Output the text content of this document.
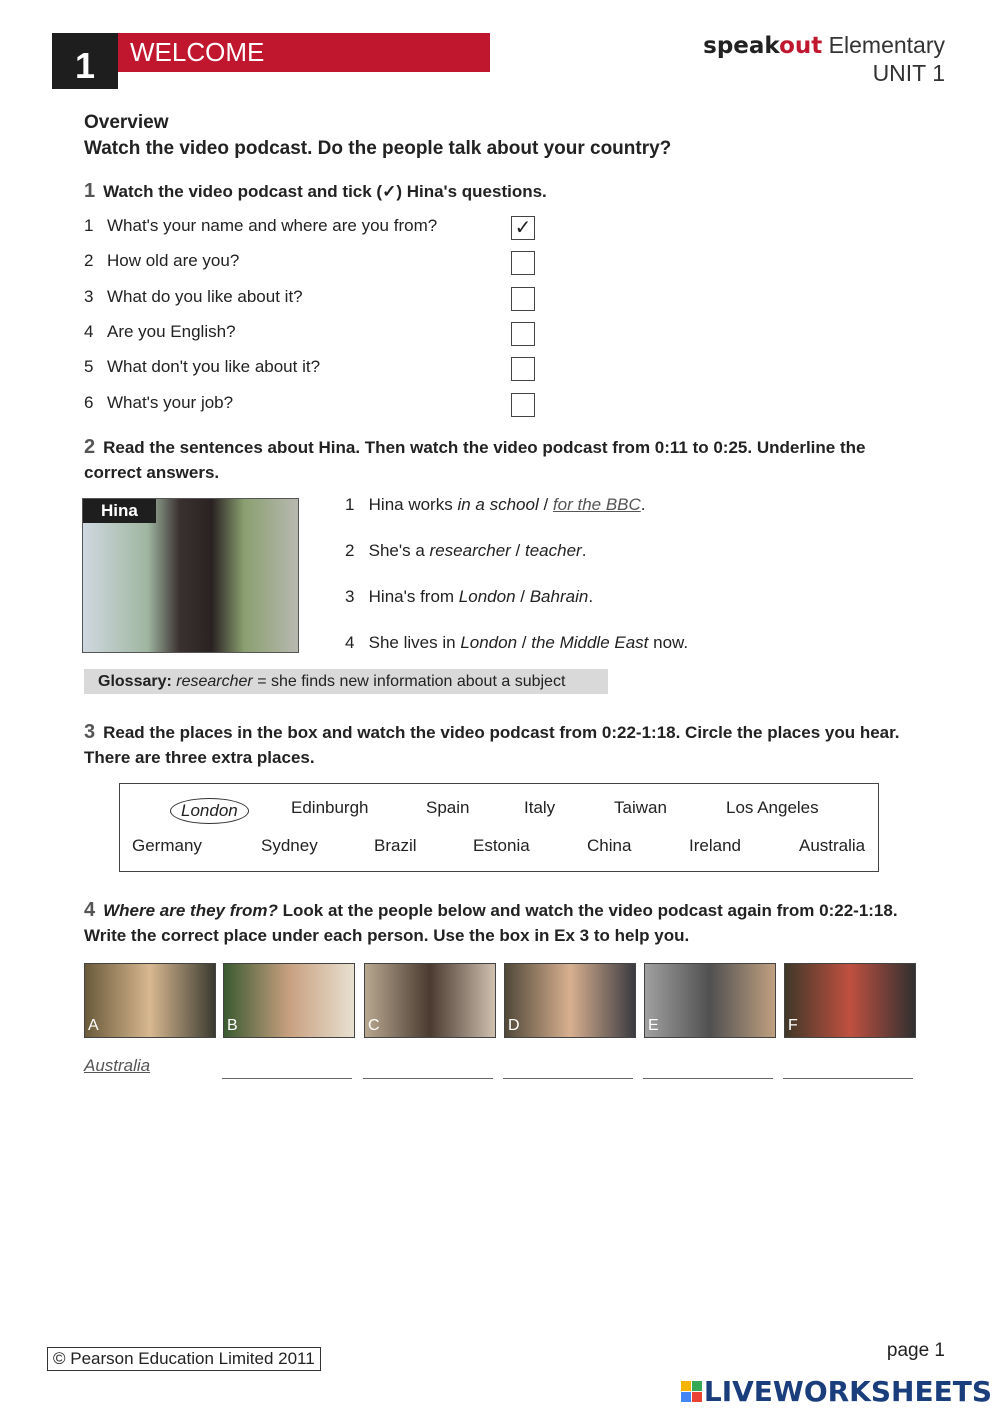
1	WELCOME	speakout Elementary
UNIT 1
Overview
Watch the video podcast. Do the people talk about your country?
1 Watch the video podcast and tick (✓) Hina's questions.
2 Read the sentences about Hina. Then watch the video podcast from 0:11 to 0:25. Underline the correct answers.
Hina
Glossary: researcher = she finds new information about a subject
3 Read the places in the box and watch the video podcast from 0:22-1:18. Circle the places you hear. There are three extra places.
London	Edinburgh	Spain	Italy	Taiwan	Los Angeles
Germany	Sydney	Brazil	Estonia	China	Ireland	Australia
4 Where are they from? Look at the people below and watch the video podcast again from 0:22-1:18. Write the correct place under each person. Use the box in Ex 3 to help you.
Australia
© Pearson Education Limited 2011	page 1
LIVEWORKSHEETS
1 What's your name and where are you from?	✓
2 How old are you?
3 What do you like about it?
4 Are you English?
5 What don't you like about it?
6 What's your job?
1 Hina works in a school / for the BBC.
2 She's a researcher / teacher.
3 Hina's from London / Bahrain.
4 She lives in London / the Middle East now.
A	B	C	D	E	F
